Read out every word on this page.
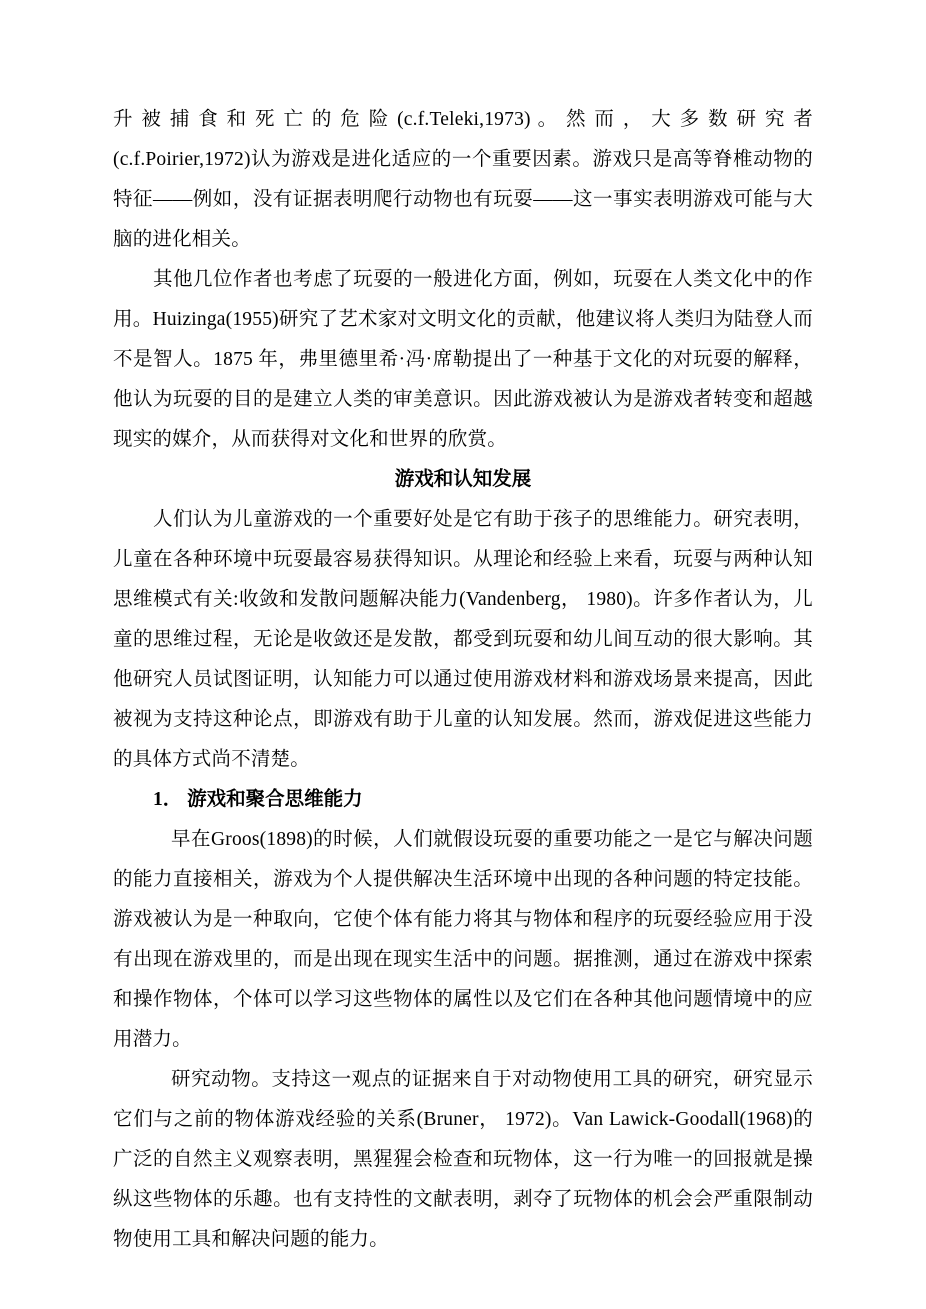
升 被 捕 食 和 死 亡 的 危 险 (c.f.Teleki,1973) 。 然 而 ， 大 多 数 研 究 者 (c.f.Poirier,1972)认为游戏是进化适应的一个重要因素。游戏只是高等脊椎动物的特征——例如，没有证据表明爬行动物也有玩耍——这一事实表明游戏可能与大脑的进化相关。

其他几位作者也考虑了玩耍的一般进化方面，例如，玩耍在人类文化中的作用。Huizinga(1955)研究了艺术家对文明文化的贡献，他建议将人类归为陆登人而不是智人。1875 年，弗里德里希·冯·席勒提出了一种基于文化的对玩耍的解释，他认为玩耍的目的是建立人类的审美意识。因此游戏被认为是游戏者转变和超越现实的媒介，从而获得对文化和世界的欣赏。

游戏和认知发展

人们认为儿童游戏的一个重要好处是它有助于孩子的思维能力。研究表明，儿童在各种环境中玩耍最容易获得知识。从理论和经验上来看，玩耍与两种认知思维模式有关:收敛和发散问题解决能力(Vandenberg， 1980)。许多作者认为，儿童的思维过程，无论是收敛还是发散，都受到玩耍和幼儿间互动的很大影响。其他研究人员试图证明，认知能力可以通过使用游戏材料和游戏场景来提高，因此被视为支持这种论点，即游戏有助于儿童的认知发展。然而，游戏促进这些能力的具体方式尚不清楚。

1． 游戏和聚合思维能力

早在Groos(1898)的时候，人们就假设玩耍的重要功能之一是它与解决问题的能力直接相关，游戏为个人提供解决生活环境中出现的各种问题的特定技能。游戏被认为是一种取向，它使个体有能力将其与物体和程序的玩耍经验应用于没有出现在游戏里的，而是出现在现实生活中的问题。据推测，通过在游戏中探索和操作物体，个体可以学习这些物体的属性以及它们在各种其他问题情境中的应用潜力。

研究动物。支持这一观点的证据来自于对动物使用工具的研究，研究显示它们与之前的物体游戏经验的关系(Bruner， 1972)。Van Lawick-Goodall(1968)的广泛的自然主义观察表明，黑猩猩会检查和玩物体，这一行为唯一的回报就是操纵这些物体的乐趣。也有支持性的文献表明，剥夺了玩物体的机会会严重限制动物使用工具和解决问题的能力。
